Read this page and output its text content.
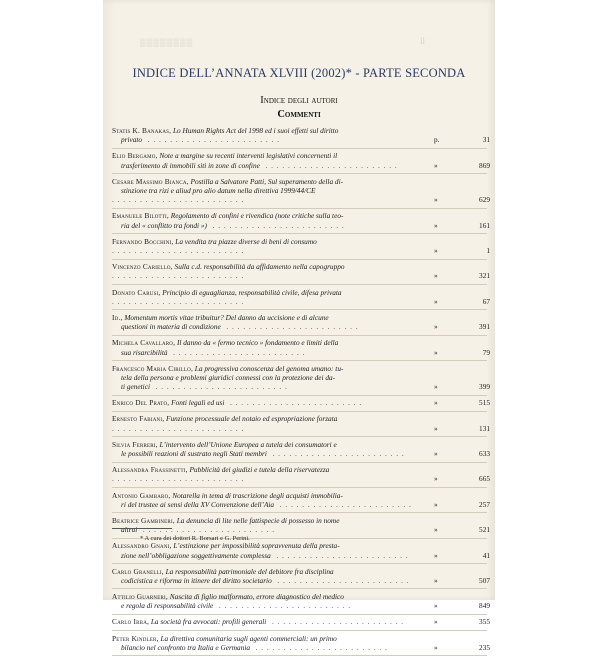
▒▒▒▒▒▒▒▒	ll
INDICE DELL’ANNATA XLVIII (2002)* - PARTE SECONDA
Indice degli autori
Commenti
Statis K. Banakas, Lo Human Rights Act del 1998 ed i suoi effetti sul diritto
privato ........................	p.	31
Elio Bergamo, Note a margine su recenti interventi legislativi concernenti il
trasferimento di immobili siti in zone di confine ........................	»	869
Cesare Massimo Bianca, Postilla a Salvatore Patti, Sul superamento della di-
stinzione tra rizi e aliud pro alio datum nella direttiva 1999/44/CE ........................	»	629
Emanuele Bilotti, Regolamento di confini e rivendica (note critiche sulla teo-
ria del « conflitto tra fondi ») ........................	»	161
Fernando Bocchini, La vendita tra piazze diverse di beni di consumo ........................	»	1
Vincenzo Cariello, Sulla c.d. responsabilità da affidamento nella capogruppo ........................	»	321
Donato Carusi, Principio di eguaglianza, responsabilità civile, difesa privata ........................	»	67
Id., Momentum mortis vitae tribuitur? Del danno da uccisione e di alcune
questioni in materia di condizione ........................	»	391
Michela Cavallaro, Il danno da « fermo tecnico » fondamento e limiti della
sua risarcibilità ........................	»	79
Francesco Maria Cirillo, La progressiva conoscenza del genoma umano: tu-
tela della persona e problemi giuridici connessi con la protezione dei da-
ti genetici ........................	»	399
Enrico Del Prato, Fonti legali ed usi ........................	»	515
Ernesto Fabiani, Funzione processuale del notaio ed espropriazione forzata ........................	»	131
Silvia Ferreri, L’intervento dell’Unione Europea a tutela dei consumatori e
le possibili reazioni di sustrato negli Stati membri ........................	»	633
Alessandra Frassinetti, Pubblicità dei giudizi e tutela della riservatezza ........................	»	665
Antonio Gambaro, Notarella in tema di trascrizione degli acquisti immobilia-
ri del trustee ai sensi della XV Convenzione dell’Aia ........................	»	257
Beatrice Gambineri, La denuncia di lite nelle fattispecie di possesso in nome
altrui ........................	»	521
Alessandro Gnani, L’estinzione per impossibilità sopravvenuta della presta-
zione nell’obbligazione soggettivamente complessa ........................	»	41
Carlo Granelli, La responsabilità patrimoniale del debitore fra disciplina
codicistica e riforma in itinere del diritto societario ........................	»	507
Attilio Guarneri, Nascita di figlio malformato, errore diagnostico del medico
e regola di responsabilità civile ........................	»	849
Carlo Ibba, La società fra avvocati: profili generali ........................	»	355
Peter Kindler, La direttiva comunitaria sugli agenti commerciali: un primo
bilancio nel confronto tra Italia e Germania ........................	»	235
* A cura dei dottori R. Borsari e G. Perini.
